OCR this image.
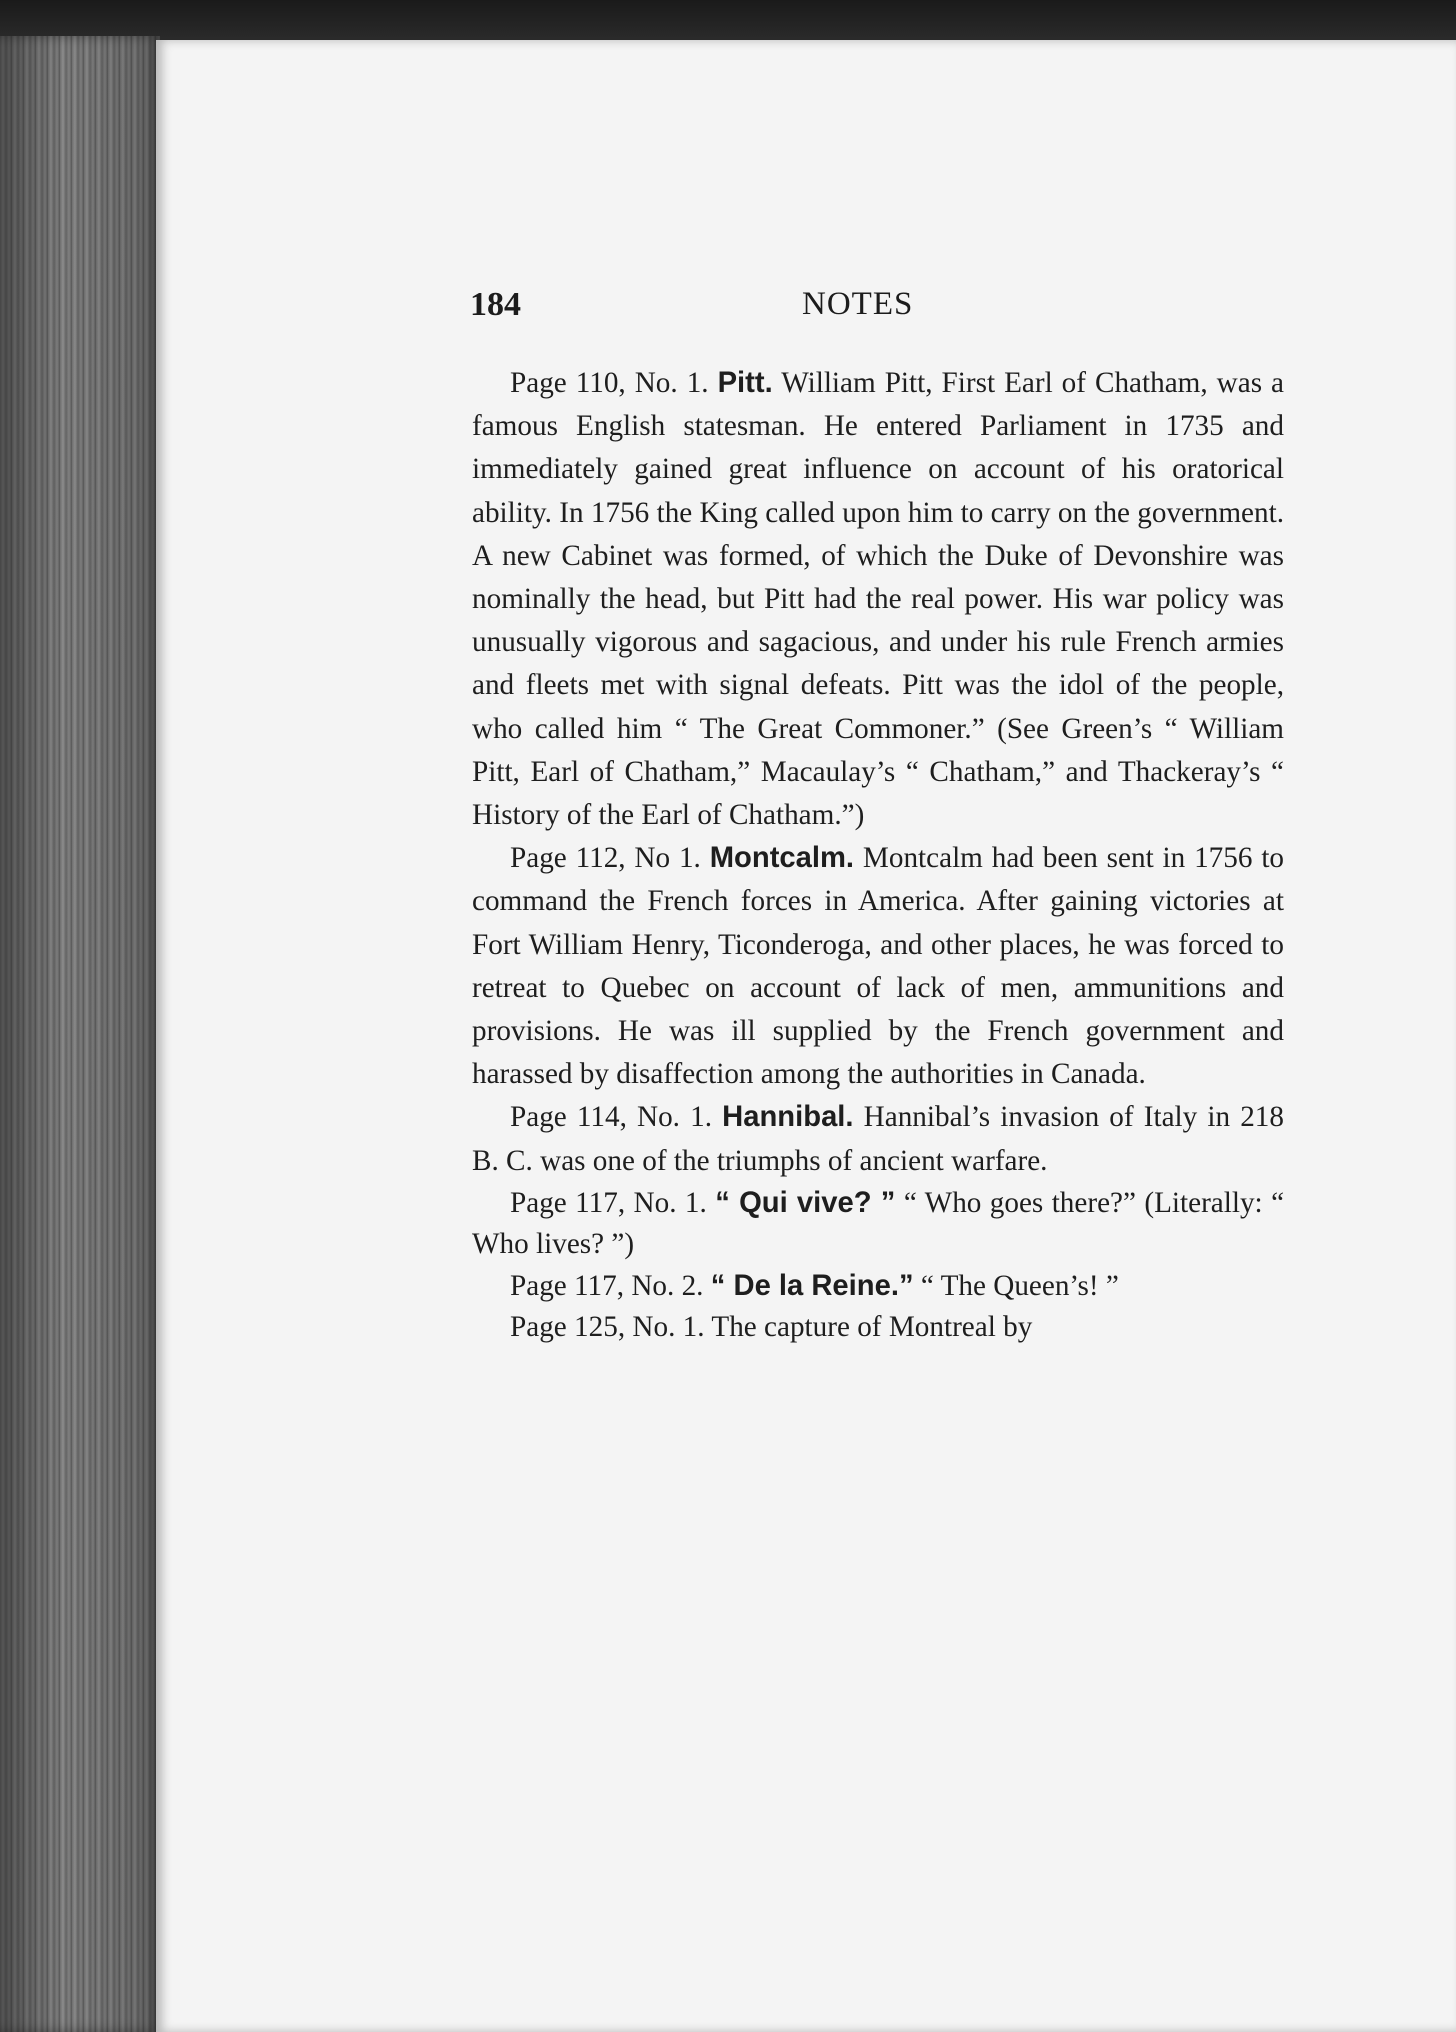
184	NOTES

Page 110, No. 1. Pitt. William Pitt, First Earl of Chatham, was a famous English statesman. He entered Parliament in 1735 and immediately gained great influence on account of his oratorical ability. In 1756 the King called upon him to carry on the government. A new Cabinet was formed, of which the Duke of Devonshire was nominally the head, but Pitt had the real power. His war policy was unusually vigorous and sagacious, and under his rule French armies and fleets met with signal defeats. Pitt was the idol of the people, who called him “ The Great Commoner.” (See Green’s “ William Pitt, Earl of Chatham,” Macaulay’s “ Chatham,” and Thackeray’s “ History of the Earl of Chatham.”)

Page 112, No 1. Montcalm. Montcalm had been sent in 1756 to command the French forces in America. After gaining victories at Fort William Henry, Ticonderoga, and other places, he was forced to retreat to Quebec on account of lack of men, ammunitions and provisions. He was ill supplied by the French government and harassed by disaffection among the authorities in Canada.

Page 114, No. 1. Hannibal. Hannibal’s invasion of Italy in 218 B. C. was one of the triumphs of ancient warfare.

Page 117, No. 1. “ Qui vive? ” “ Who goes there?” (Literally: “ Who lives? ”)

Page 117, No. 2. “ De la Reine.” “ The Queen’s! ”

Page 125, No. 1. The capture of Montreal by
